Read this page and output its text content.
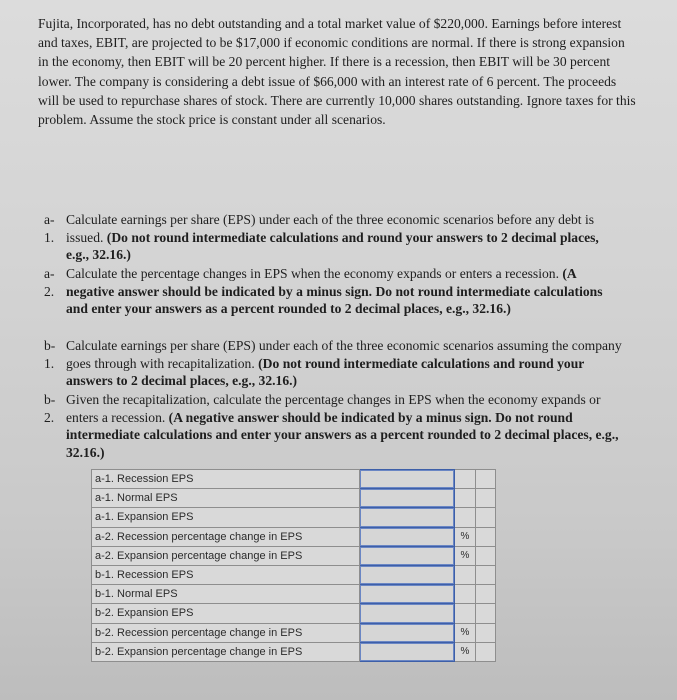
Fujita, Incorporated, has no debt outstanding and a total market value of $220,000. Earnings before interest and taxes, EBIT, are projected to be $17,000 if economic conditions are normal. If there is strong expansion in the economy, then EBIT will be 20 percent higher. If there is a recession, then EBIT will be 30 percent lower. The company is considering a debt issue of $66,000 with an interest rate of 6 percent. The proceeds will be used to repurchase shares of stock. There are currently 10,000 shares outstanding. Ignore taxes for this problem. Assume the stock price is constant under all scenarios.
a-
1.
Calculate earnings per share (EPS) under each of the three economic scenarios before any debt is issued. (Do not round intermediate calculations and round your answers to 2 decimal places, e.g., 32.16.)
a-
2.
Calculate the percentage changes in EPS when the economy expands or enters a recession. (A negative answer should be indicated by a minus sign. Do not round intermediate calculations and enter your answers as a percent rounded to 2 decimal places, e.g., 32.16.)
b-
1.
Calculate earnings per share (EPS) under each of the three economic scenarios assuming the company goes through with recapitalization. (Do not round intermediate calculations and round your answers to 2 decimal places, e.g., 32.16.)
b-
2.
Given the recapitalization, calculate the percentage changes in EPS when the economy expands or enters a recession. (A negative answer should be indicated by a minus sign. Do not round intermediate calculations and enter your answers as a percent rounded to 2 decimal places, e.g., 32.16.)
a-1. Recession EPS			
a-1. Normal EPS			
a-1. Expansion EPS			
a-2. Recession percentage change in EPS		%	
a-2. Expansion percentage change in EPS		%	
b-1. Recession EPS			
b-1. Normal EPS			
b-2. Expansion EPS			
b-2. Recession percentage change in EPS		%	
b-2. Expansion percentage change in EPS		%	
